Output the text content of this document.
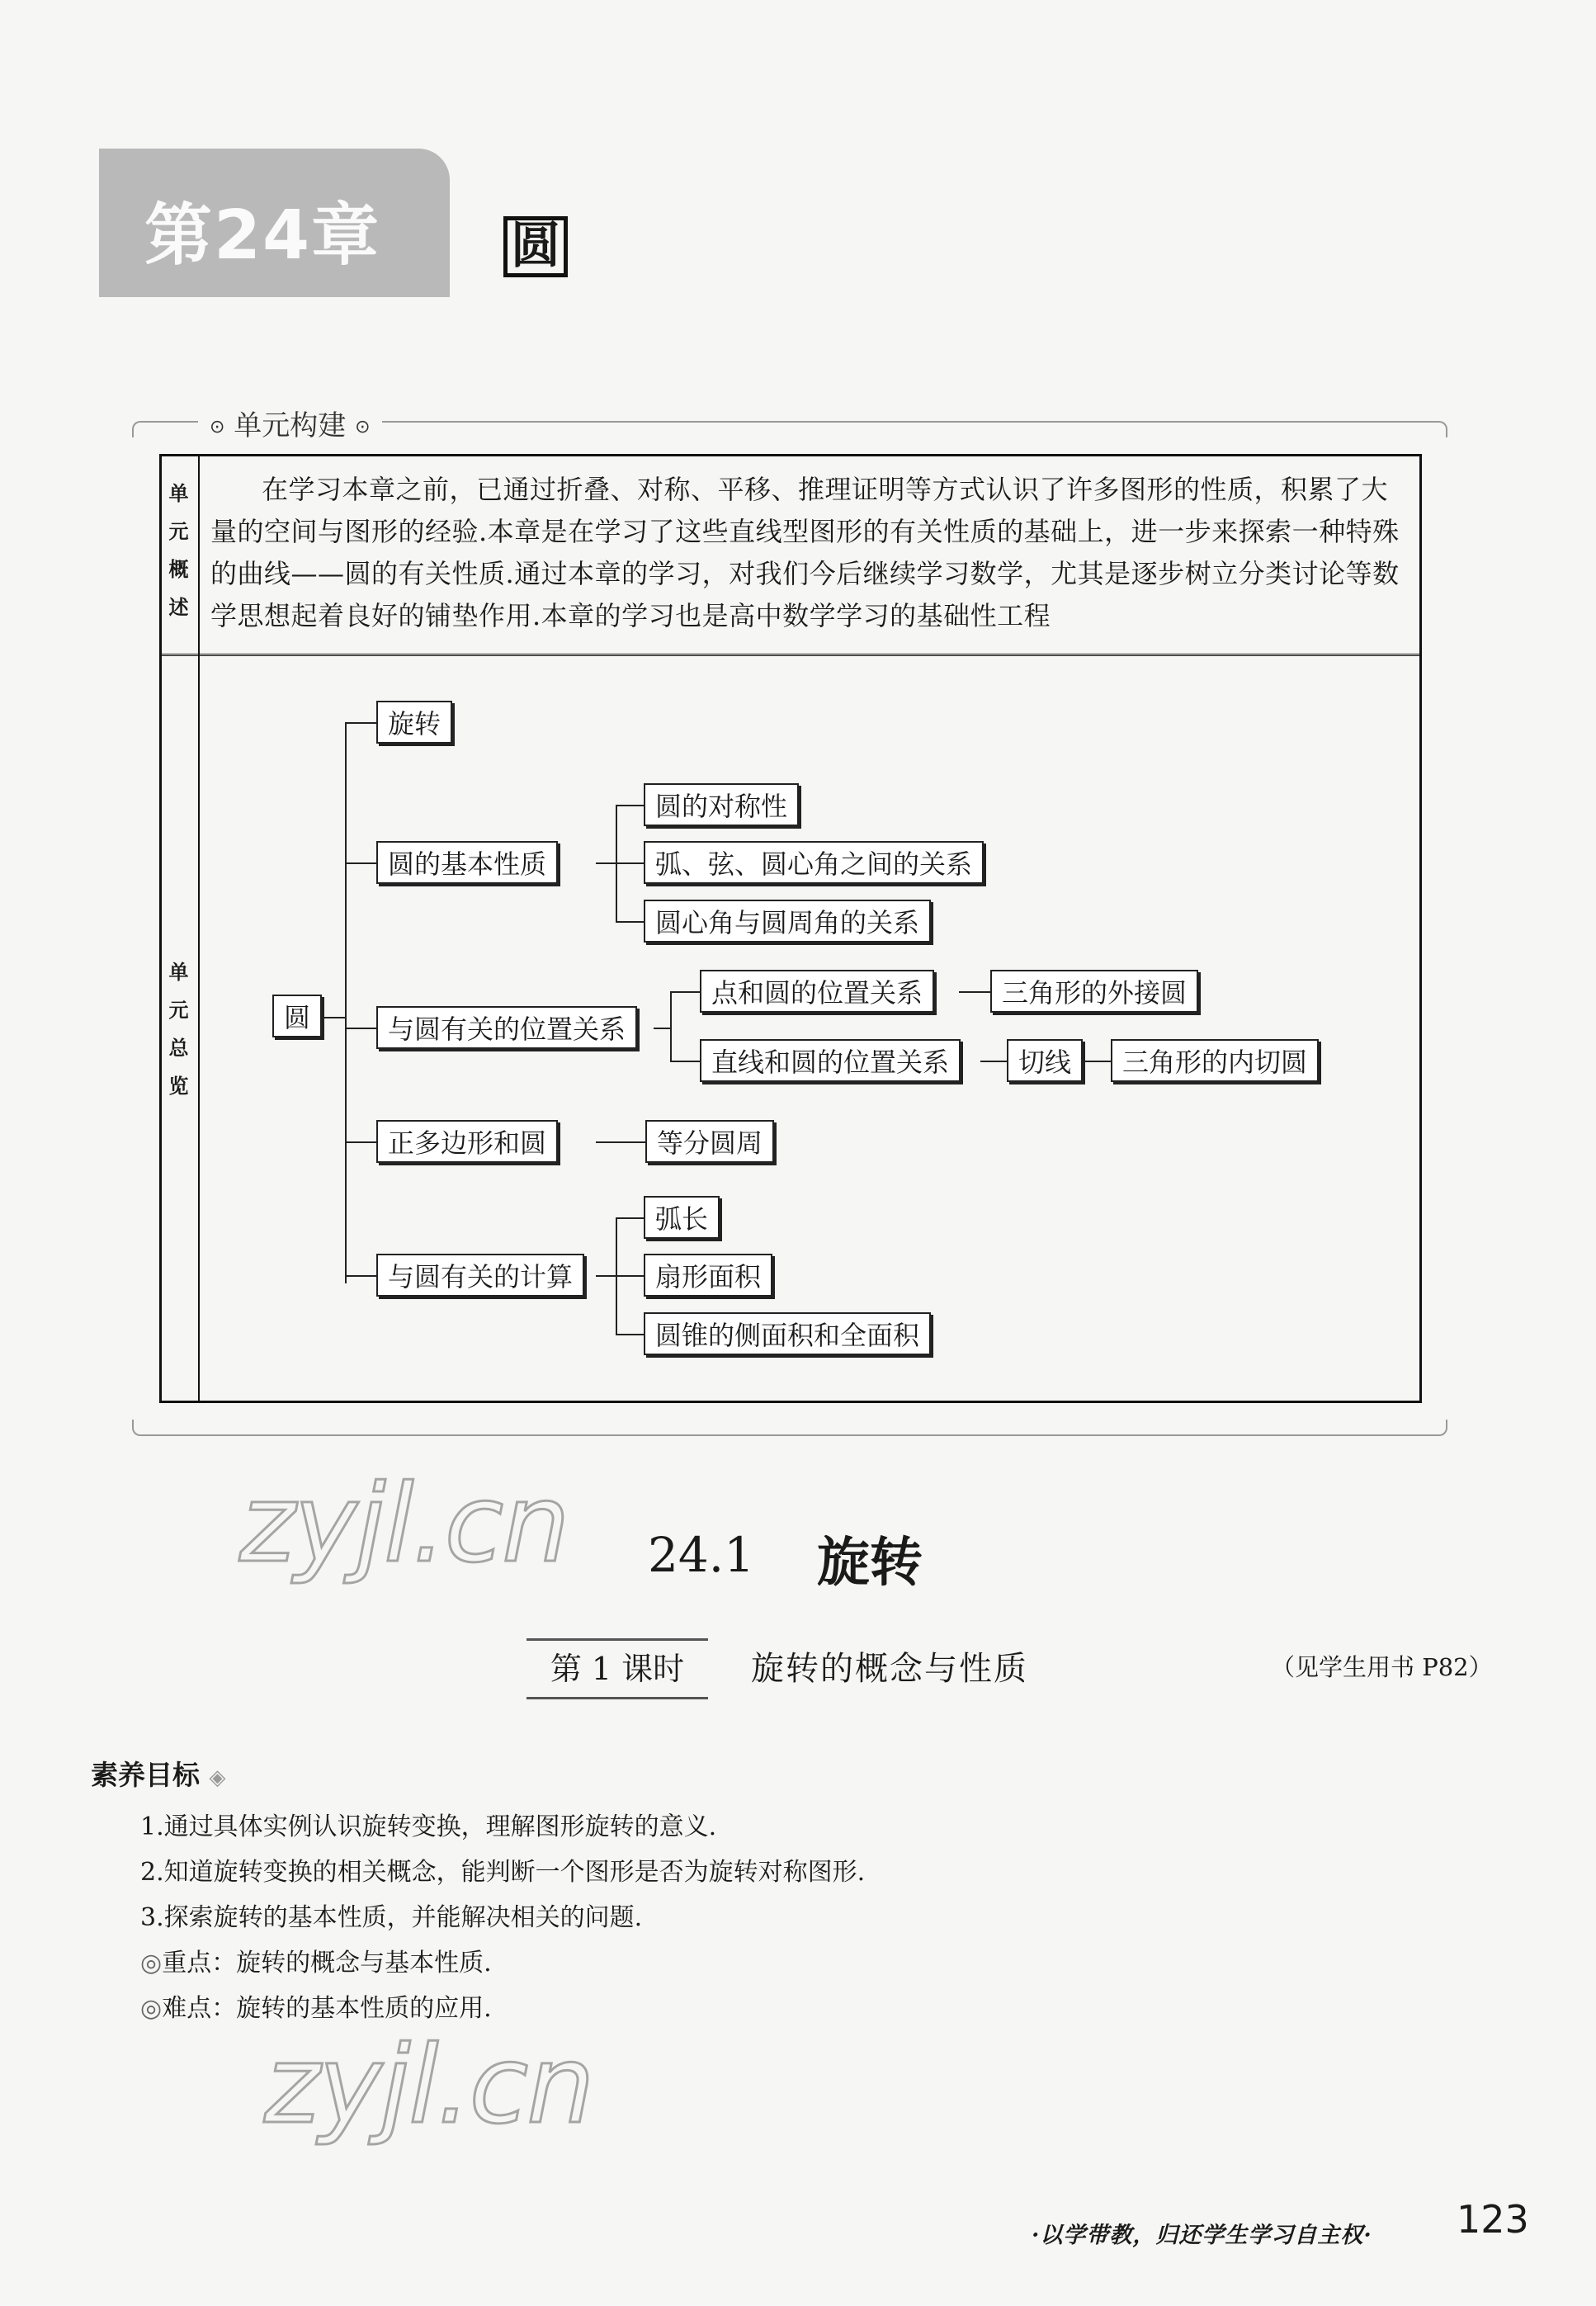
第24章	圆
⊙ 单元构建 ⊙
单
元
概
述
在学习本章之前，已通过折叠、对称、平移、推理证明等方式认识了许多图形的性质，积累了大量的空间与图形的经验.本章是在学习了这些直线型图形的有关性质的基础上，进一步来探索一种特殊的曲线——圆的有关性质.通过本章的学习，对我们今后继续学习数学，尤其是逐步树立分类讨论等数学思想起着良好的铺垫作用.本章的学习也是高中数学学习的基础性工程
单
元
总
览
圆
旋转
圆的基本性质
圆的对称性
弧、弦、圆心角之间的关系
圆心角与圆周角的关系
与圆有关的位置关系
点和圆的位置关系	三角形的外接圆
直线和圆的位置关系	切线	三角形的内切圆
正多边形和圆	等分圆周
与圆有关的计算
弧长
扇形面积
圆锥的侧面积和全面积
zyjl.cn
zyjl.cn
24.1 旋转
第 1 课时	旋转的概念与性质	（见学生用书 P82）
素养目标 ◈
1.通过具体实例认识旋转变换，理解图形旋转的意义.
2.知道旋转变换的相关概念，能判断一个图形是否为旋转对称图形.
3.探索旋转的基本性质，并能解决相关的问题.
◎重点：旋转的概念与基本性质.
◎难点：旋转的基本性质的应用.
·以学带教，归还学生学习自主权· 123
